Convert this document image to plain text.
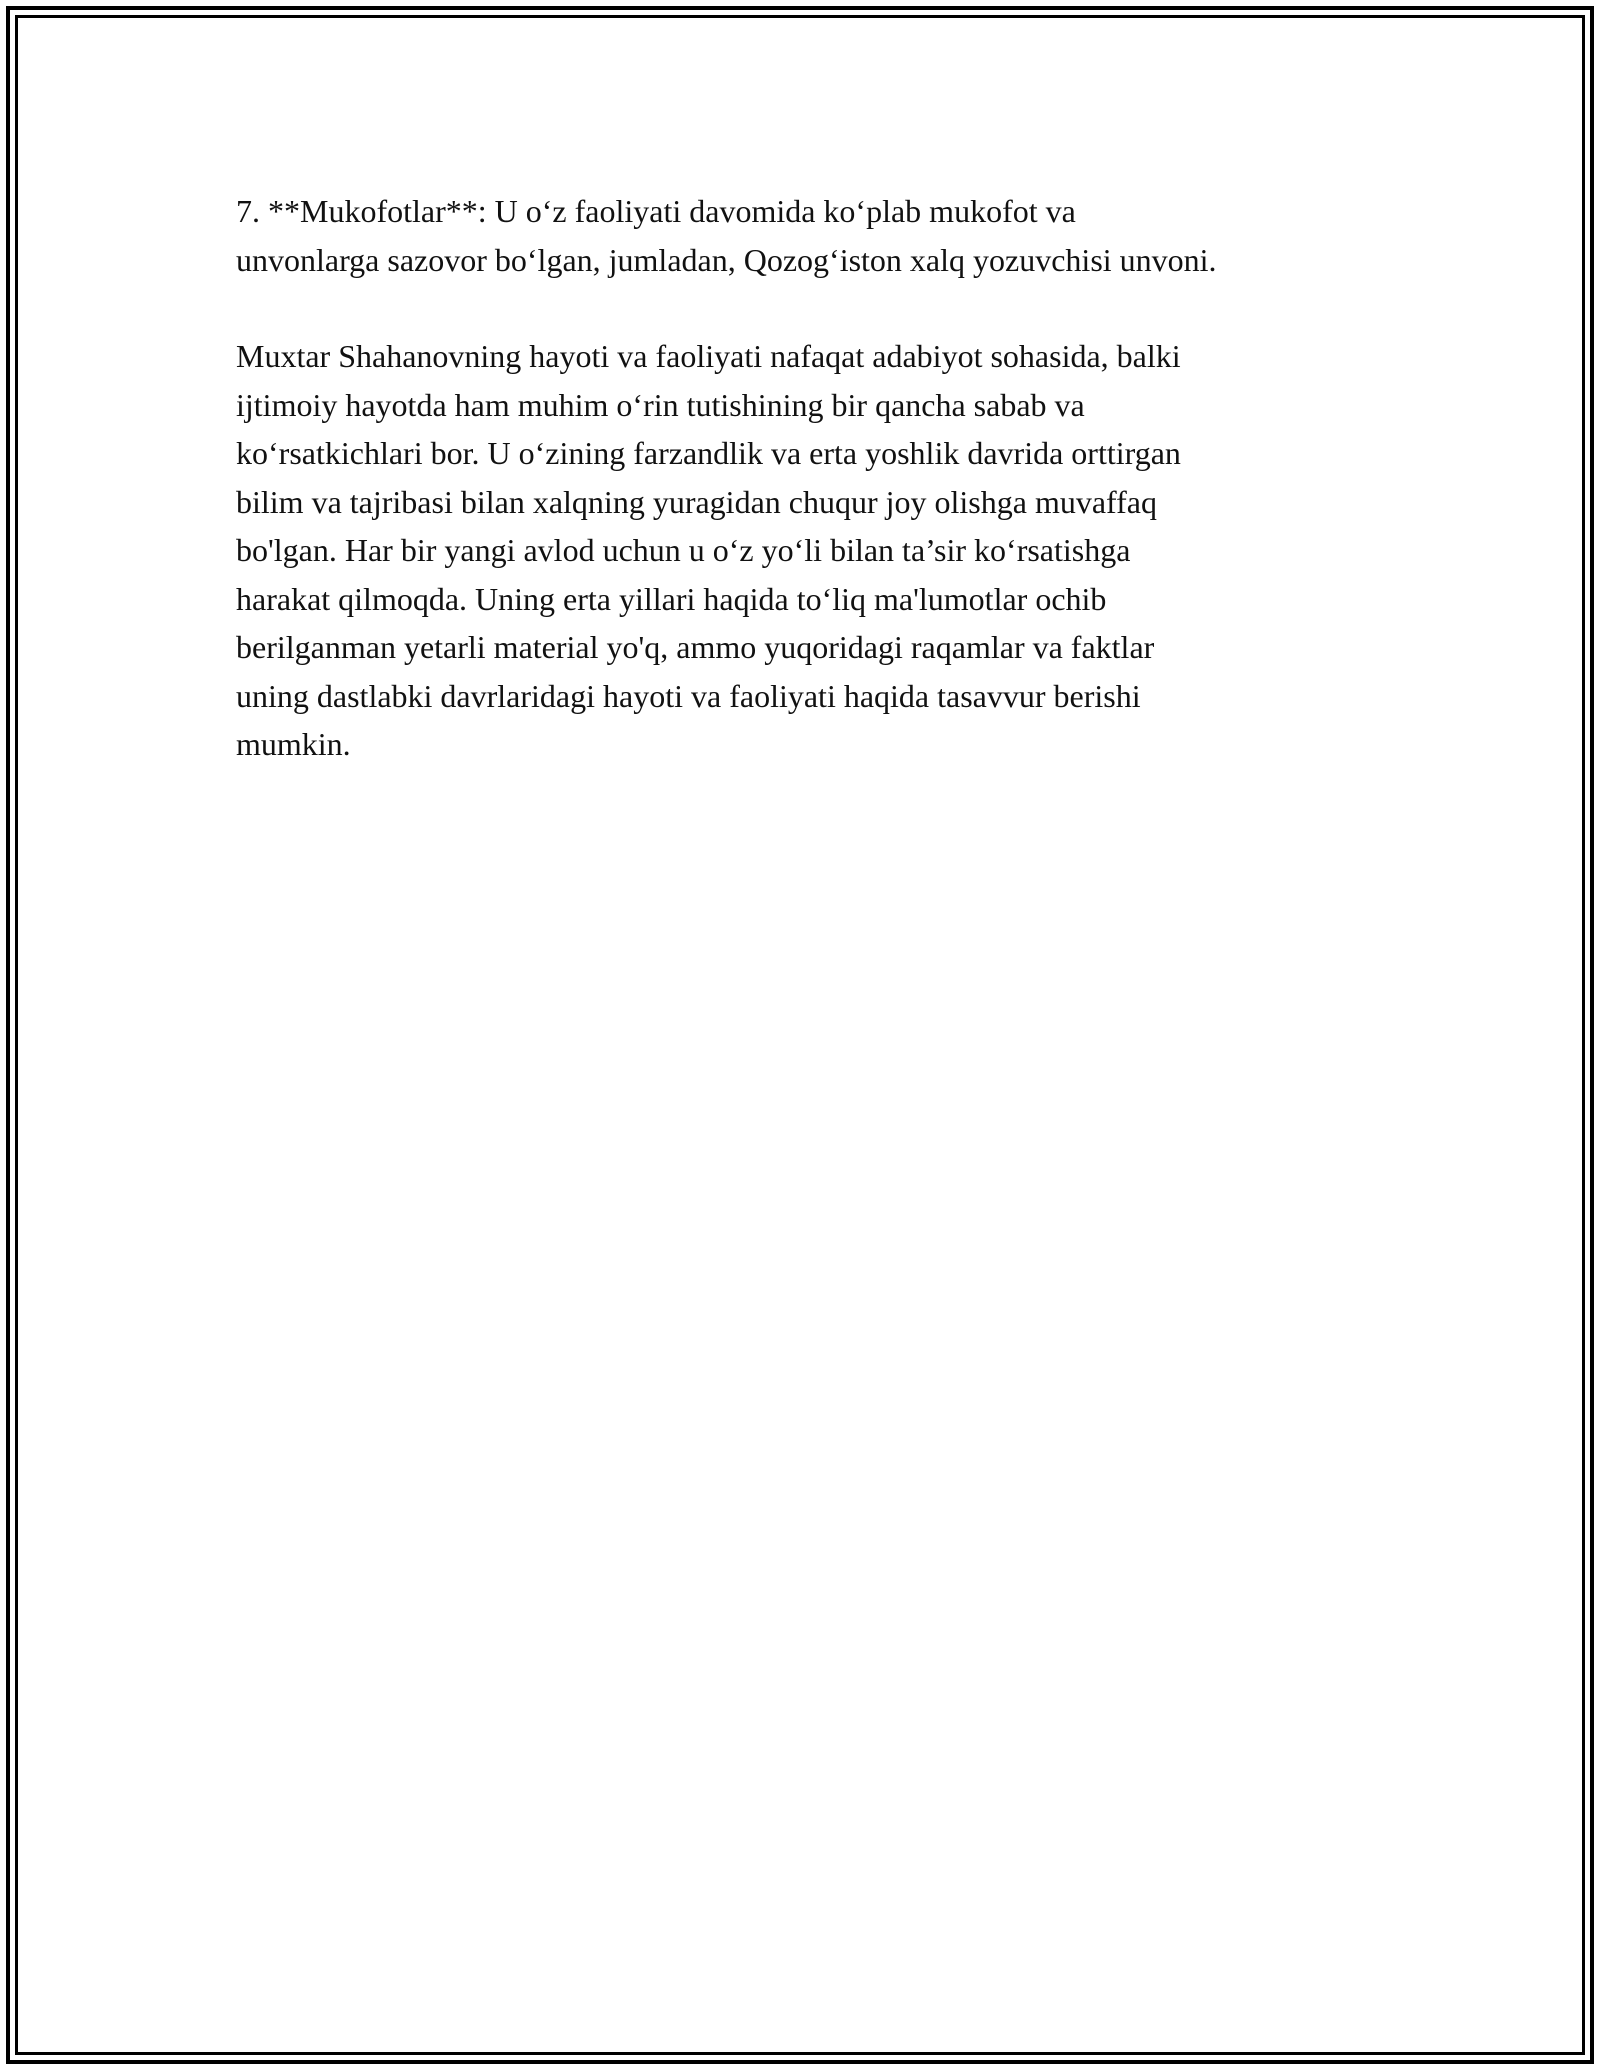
7. **Mukofotlar**: U o‘z faoliyati davomida ko‘plab mukofot va
unvonlarga sazovor bo‘lgan, jumladan, Qozog‘iston xalq yozuvchisi unvoni.

Muxtar Shahanovning hayoti va faoliyati nafaqat adabiyot sohasida, balki
ijtimoiy hayotda ham muhim o‘rin tutishining bir qancha sabab va
ko‘rsatkichlari bor. U o‘zining farzandlik va erta yoshlik davrida orttirgan
bilim va tajribasi bilan xalqning yuragidan chuqur joy olishga muvaffaq
bo'lgan. Har bir yangi avlod uchun u o‘z yo‘li bilan ta’sir ko‘rsatishga
harakat qilmoqda. Uning erta yillari haqida to‘liq ma'lumotlar ochib
berilganman yetarli material yo'q, ammo yuqoridagi raqamlar va faktlar
uning dastlabki davrlaridagi hayoti va faoliyati haqida tasavvur berishi
mumkin.
